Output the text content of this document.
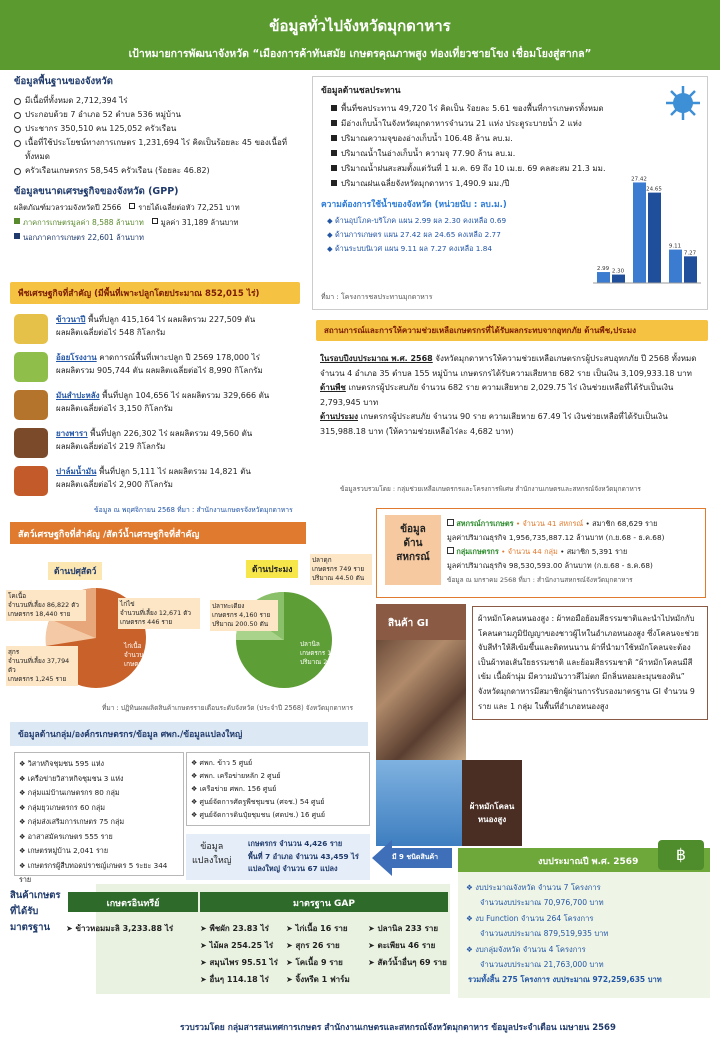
ข้อมูลทั่วไปจังหวัดมุกดาหาร
เป้าหมายการพัฒนาจังหวัด “เมืองการค้าทันสมัย เกษตรคุณภาพสูง ท่องเที่ยวชายโขง เชื่อมโยงสู่สากล”
ข้อมูลพื้นฐานของจังหวัด
มีเนื้อที่ทั้งหมด 2,712,394 ไร่
ประกอบด้วย 7 อำเภอ 52 ตำบล 536 หมู่บ้าน
ประชากร 350,510 คน 125,052 ครัวเรือน
เนื้อที่ใช้ประโยชน์ทางการเกษตร 1,231,694 ไร่ คิดเป็นร้อยละ 45 ของเนื้อที่ทั้งหมด
ครัวเรือนเกษตรกร 58,545 ครัวเรือน (ร้อยละ 46.82)
ข้อมูลขนาดเศรษฐกิจของจังหวัด (GPP)
ผลิตภัณฑ์มวลรวมจังหวัดปี 2566 รายได้เฉลี่ยต่อหัว 72,251 บาท
ภาคการเกษตรมูลค่า 8,588 ล้านบาท มูลค่า 31,189 ล้านบาท
นอกภาคการเกษตร 22,601 ล้านบาท
ข้อมูลด้านชลประทาน
พื้นที่ชลประทาน 49,720 ไร่ คิดเป็น ร้อยละ 5.61 ของพื้นที่การเกษตรทั้งหมด
มีอ่างเก็บน้ำในจังหวัดมุกดาหารจำนวน 21 แห่ง ประตูระบายน้ำ 2 แห่ง
ปริมาณความจุของอ่างเก็บน้ำ 106.48 ล้าน ลบ.ม.
ปริมาณน้ำในอ่างเก็บน้ำ ความจุ 77.90 ล้าน ลบ.ม.
ปริมาณน้ำฝนสะสมตั้งแต่วันที่ 1 ม.ค. 69 ถึง 10 เม.ย. 69 คลสะสม 21.3 มม.
ปริมาณฝนเฉลี่ยจังหวัดมุกดาหาร 1,490.9 มม./ปี
ความต้องการใช้น้ำของจังหวัด (หน่วยนับ : ลบ.ม.)
◆ ด้านอุปโภค-บริโภค แผน 2.99 ผล 2.30 คงเหลือ 0.69
◆ ด้านการเกษตร แผน 27.42 ผล 24.65 คงเหลือ 2.77
◆ ด้านระบบนิเวศ แผน 9.11 ผล 7.27 คงเหลือ 1.84
ที่มา : โครงการชลประทานมุกดาหาร
2.99 2.30
27.42
24.65
9.11
7.27
พืชเศรษฐกิจที่สำคัญ (มีพื้นที่เพาะปลูกโดยประมาณ 852,015 ไร่)
ข้าวนาปี พื้นที่ปลูก 415,164 ไร่ ผลผลิตรวม 227,509 ตัน
ผลผลิตเฉลี่ยต่อไร่ 548 กิโลกรัม
อ้อยโรงงาน คาดการณ์พื้นที่เพาะปลูก ปี 2569 178,000 ไร่
ผลผลิตรวม 905,744 ตัน ผลผลิตเฉลี่ยต่อไร่ 8,990 กิโลกรัม
มันสำปะหลัง พื้นที่ปลูก 104,656 ไร่ ผลผลิตรวม 329,666 ตัน
ผลผลิตเฉลี่ยต่อไร่ 3,150 กิโลกรัม
ยางพารา พื้นที่ปลูก 226,302 ไร่ ผลผลิตรวม 49,560 ตัน
ผลผลิตเฉลี่ยต่อไร่ 219 กิโลกรัม
ปาล์มน้ำมัน พื้นที่ปลูก 5,111 ไร่ ผลผลิตรวม 14,821 ตัน
ผลผลิตเฉลี่ยต่อไร่ 2,900 กิโลกรัม
ข้อมูล ณ พฤศจิกายน 2568 ที่มา : สำนักงานเกษตรจังหวัดมุกดาหาร
สถานการณ์และการให้ความช่วยเหลือเกษตรกรที่ได้รับผลกระทบจากอุทกภัย ด้านพืช,ประมง
ในรอบปีงบประมาณ พ.ศ. 2568 จังหวัดมุกดาหารให้ความช่วยเหลือเกษตรกรผู้ประสบอุทกภัย ปี 2568 ทั้งหมด จำนวน 4 อำเภอ 35 ตำบล 155 หมู่บ้าน เกษตรกรได้รับความเสียหาย 682 ราย เป็นเงิน 3,109,933.18 บาท
ด้านพืช เกษตรกรผู้ประสบภัย จำนวน 682 ราย ความเสียหาย 2,029.75 ไร่ เงินช่วยเหลือที่ได้รับเป็นเงิน 2,793,945 บาท
ด้านประมง เกษตรกรผู้ประสบภัย จำนวน 90 ราย ความเสียหาย 67.49 ไร่ เงินช่วยเหลือที่ได้รับเป็นเงิน 315,988.18 บาท (ให้ความช่วยเหลือไร่ละ 4,682 บาท)
ข้อมูลรวบรวมโดย : กลุ่มช่วยเหลือเกษตรกรและโครงการพิเศษ สำนักงานเกษตรและสหกรณ์จังหวัดมุกดาหาร
สัตว์เศรษฐกิจที่สำคัญ /สัตว์น้ำเศรษฐกิจที่สำคัญ
ด้านปศุสัตว์	ด้านประมง
โคเนื้อ
จำนวนที่เลี้ยง 86,822 ตัว
เกษตรกร 18,440 ราย
ไก่ไข่
จำนวนที่เลี้ยง 12,671 ตัว
เกษตรกร 446 ราย
สุกร
จำนวนที่เลี้ยง 37,794 ตัว
เกษตรกร 1,245 ราย
ไก่เนื้อ
จำนวนที่เลี้ยง 277,272 ตัว
เกษตรกร 111 ราย
ปลาดุก
เกษตรกร 749 ราย
ปริมาณ 44.50 ตัน
ปลาทะเดียง
เกษตรกร 4,160 ราย
ปริมาณ 200.50 ตัน
ปลานิล
เกษตรกร 10,450 ราย
ปริมาณ 2,257.20 ตัน
ที่มา : ปฏิทินผลผลิตสินค้าเกษตรรายเดือนระดับจังหวัด (ประจำปี 2568) จังหวัดมุกดาหาร
ข้อมูล
ด้าน
สหกรณ์
สหกรณ์การเกษตร • จำนวน 41 สหกรณ์ • สมาชิก 68,629 ราย
มูลค่าปริมาณธุรกิจ 1,956,735,887.12 ล้านบาท (ก.ย.68 - ธ.ค.68)
กลุ่มเกษตรกร • จำนวน 44 กลุ่ม • สมาชิก 5,391 ราย
มูลค่าปริมาณธุรกิจ 98,530,593.00 ล้านบาท (ก.ย.68 - ธ.ค.68)
ข้อมูล ณ มกราคม 2568 ที่มา : สำนักงานสหกรณ์จังหวัดมุกดาหาร
สินค้า GI
ผ้าหมักโคลน หนองสูง
ผ้าหมักโคลนหนองสูง : ผ้าทอมือย้อมสีธรรมชาติและนำไปหมักกับโคลนตามภูมิปัญญาของชาวผู้ไทในอำเภอหนองสูง ซึ่งโคลนจะช่วยจับสีทำให้สีเข้มขึ้นและติดทนนาน ผ้าที่นำมาใช้หมักโคลนจะต้องเป็นผ้าทอเส้นใยธรรมชาติ และย้อมสีธรรมชาติ “ผ้าหมักโคลนมีสีเข้ม เนื้อผ้านุ่ม มีความมันวาวสีไม่ตก มีกลิ่นหอมละมุนของดิน” จังหวัดมุกดาหารมีสมาชิกผู้ผ่านการรับรองมาตรฐาน GI จำนวน 9 ราย และ 1 กลุ่ม ในพื้นที่อำเภอหนองสูง
ข้อมูลด้านกลุ่ม/องค์กรเกษตรกร/ข้อมูล ศพก./ข้อมูลแปลงใหญ่
❖ วิสาหกิจชุมชน 595 แห่ง
❖ เครือข่ายวิสาหกิจชุมชน 3 แห่ง
❖ กลุ่มแม่บ้านเกษตรกร 80 กลุ่ม
❖ กลุ่มยุวเกษตรกร 60 กลุ่ม
❖ กลุ่มส่งเสริมการเกษตร 75 กลุ่ม
❖ อาสาสมัครเกษตร 555 ราย
❖ เกษตรหมู่บ้าน 2,041 ราย
❖ เกษตรกรผู้สืบทอดปราชญ์เกษตร 5 ระยะ 344 ราย
❖ ศพก. ข้าว 5 ศูนย์
❖ ศพก. เครือข่ายหลัก 2 ศูนย์
❖ เครือข่าย ศพก. 156 ศูนย์
❖ ศูนย์จัดการศัตรูพืชชุมชน (ศจช.) 54 ศูนย์
❖ ศูนย์จัดการดินปุ๋ยชุมชน (ศดปช.) 16 ศูนย์
ข้อมูล
แปลงใหญ่
เกษตรกร จำนวน 4,426 ราย
พื้นที่ 7 อำเภอ จำนวน 43,459 ไร่
แปลงใหญ่ จำนวน 67 แปลง
มี 9 ชนิดสินค้า	งบประมาณปี พ.ศ. 2569	฿
❖ งบประมาณจังหวัด จำนวน 7 โครงการ
จำนวนงบประมาณ 70,976,700 บาท
❖ งบ Function จำนวน 264 โครงการ
จำนวนงบประมาณ 879,519,935 บาท
❖ งบกลุ่มจังหวัด จำนวน 4 โครงการ
จำนวนงบประมาณ 21,763,000 บาท
รวมทั้งสิ้น 275 โครงการ งบประมาณ 972,259,635 บาท
สินค้าเกษตร
ที่ได้รับ
มาตรฐาน
เกษตรอินทรีย์	มาตรฐาน GAP
➤ ข้าวหอมมะลิ 3,233.88 ไร่	➤ พืชผัก 23.83 ไร่
➤ ไม้ผล 254.25 ไร่
➤ สมุนไพร 95.51 ไร่
➤ อื่นๆ 114.18 ไร่
➤ ไก่เนื้อ 16 ราย
➤ สุกร 26 ราย
➤ โคเนื้อ 9 ราย
➤ จิ้งหรีด 1 ฟาร์ม
➤ ปลานิล 233 ราย
➤ ตะเพียน 46 ราย
➤ สัตว์น้ำอื่นๆ 69 ราย
รวบรวมโดย กลุ่มสารสนเทศการเกษตร สำนักงานเกษตรและสหกรณ์จังหวัดมุกดาหาร ข้อมูลประจำเดือน เมษายน 2569
